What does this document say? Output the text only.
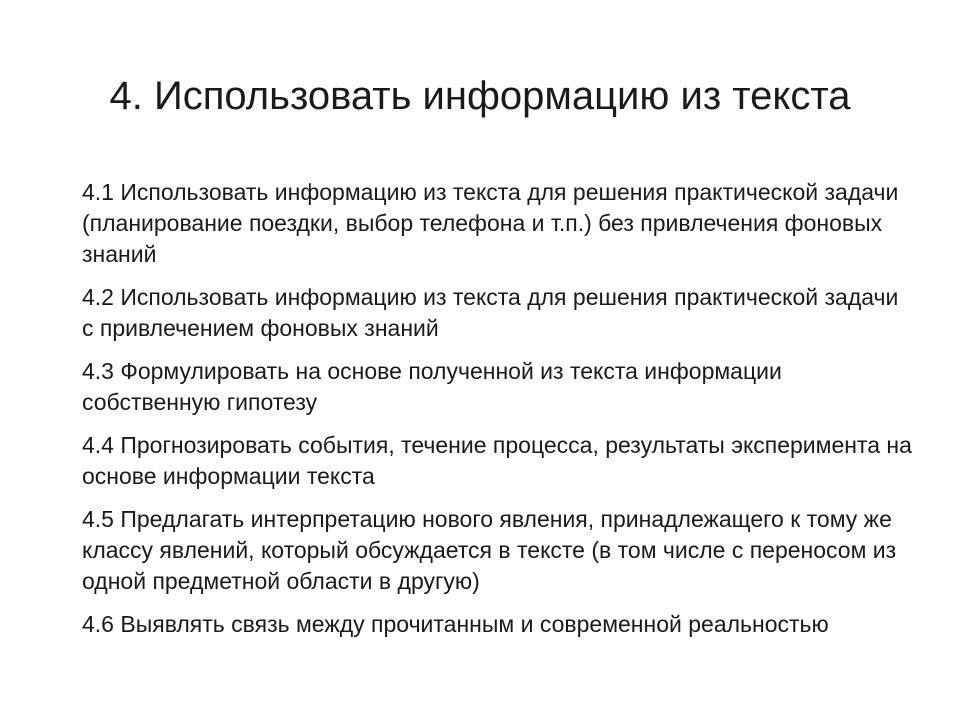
4. Использовать информацию из текста
4.1 Использовать информацию из текста для решения практической задачи (планирование поездки, выбор телефона и т.п.) без привлечения фоновых знаний
4.2 Использовать информацию из текста для решения практической задачи с привлечением фоновых знаний
4.3 Формулировать на основе полученной из текста информации собственную гипотезу
4.4 Прогнозировать события, течение процесса, результаты эксперимента на основе информации текста
4.5 Предлагать интерпретацию нового явления, принадлежащего к тому же классу явлений, который обсуждается в тексте (в том числе с переносом из одной предметной области в другую)
4.6 Выявлять связь между прочитанным и современной реальностью
